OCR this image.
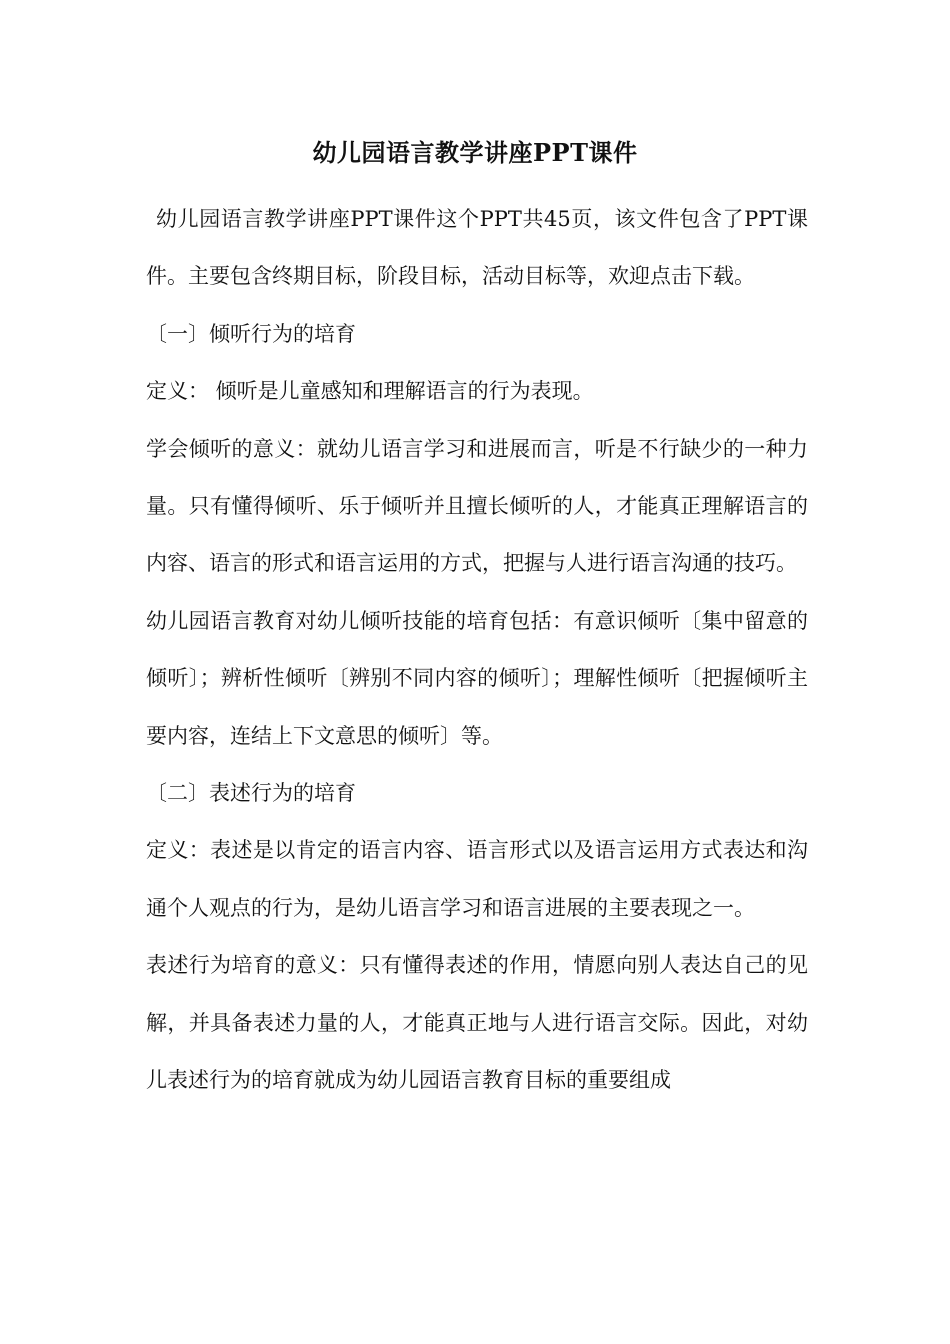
幼儿园语言教学讲座PPT课件

幼儿园语言教学讲座PPT课件这个PPT共45页，该文件包含了PPT课件。主要包含终期目标，阶段目标，活动目标等，欢迎点击下载。

〔一〕倾听行为的培育

定义： 倾听是儿童感知和理解语言的行为表现。

学会倾听的意义：就幼儿语言学习和进展而言，听是不行缺少的一种力量。只有懂得倾听、乐于倾听并且擅长倾听的人，才能真正理解语言的内容、语言的形式和语言运用的方式，把握与人进行语言沟通的技巧。

幼儿园语言教育对幼儿倾听技能的培育包括：有意识倾听〔集中留意的倾听〕；辨析性倾听〔辨别不同内容的倾听〕；理解性倾听〔把握倾听主要内容，连结上下文意思的倾听〕等。

〔二〕表述行为的培育

定义：表述是以肯定的语言内容、语言形式以及语言运用方式表达和沟通个人观点的行为，是幼儿语言学习和语言进展的主要表现之一。

表述行为培育的意义：只有懂得表述的作用，情愿向别人表达自己的见解，并具备表述力量的人，才能真正地与人进行语言交际。因此，对幼儿表述行为的培育就成为幼儿园语言教育目标的重要组成
